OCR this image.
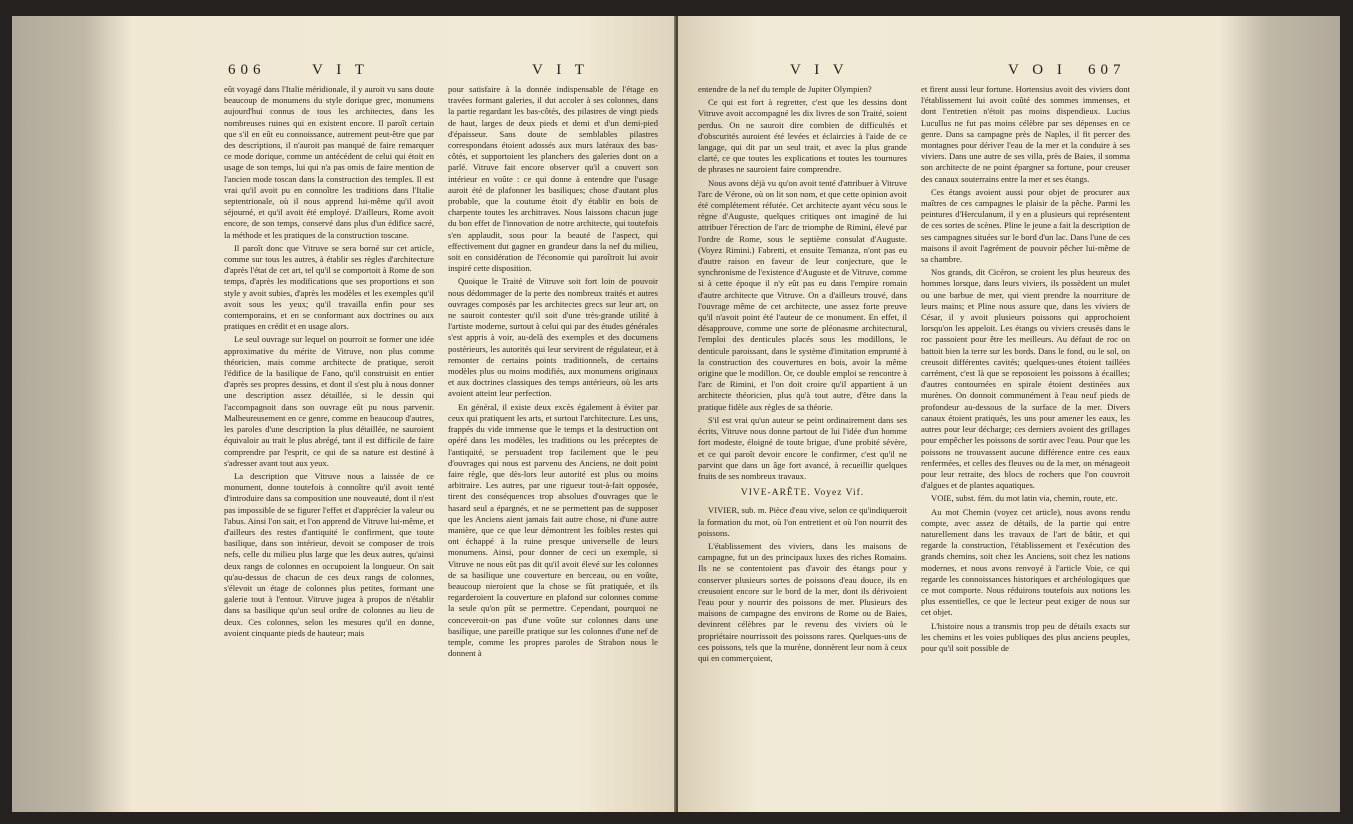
606	V I T	V I T

eût voyagé dans l'Italie méridionale, il y auroit vu sans doute beaucoup de monumens du style dorique grec, monumens aujourd'hui connus de tous les architectes, dans les nombreuses ruines qui en existent encore. Il paroît certain que s'il en eût eu connoissance, autrement peut-être que par des descriptions, il n'auroit pas manqué de faire remarquer ce mode dorique, comme un antécédent de celui qui étoit en usage de son temps, lui qui n'a pas omis de faire mention de l'ancien mode toscan dans la construction des temples. Il est vrai qu'il avoit pu en connoître les traditions dans l'Italie septentrionale, où il nous apprend lui-même qu'il avoit séjourné, et qu'il avoit été employé. D'ailleurs, Rome avoit encore, de son temps, conservé dans plus d'un édifice sacré, la méthode et les pratiques de la construction toscane.

Il paroît donc que Vitruve se sera borné sur cet article, comme sur tous les autres, à établir ses règles d'architecture d'après l'état de cet art, tel qu'il se comportoit à Rome de son temps, d'après les modifications que ses proportions et son style y avoit subies, d'après les modèles et les exemples qu'il avoit sous les yeux; qu'il travailla enfin pour ses contemporains, et en se conformant aux doctrines ou aux pratiques en crédit et en usage alors.

Le seul ouvrage sur lequel on pourroit se former une idée approximative du mérite de Vitruve, non plus comme théoricien, mais comme architecte de pratique, seroit l'édifice de la basilique de Fano, qu'il construisit en entier d'après ses propres dessins, et dont il s'est plu à nous donner une description assez détaillée, si le dessin qui l'accompagnoit dans son ouvrage eût pu nous parvenir. Malheureusement en ce genre, comme en beaucoup d'autres, les paroles d'une description la plus détaillée, ne sauroient équivaloir au trait le plus abrégé, tant il est difficile de faire comprendre par l'esprit, ce qui de sa nature est destiné à s'adresser avant tout aux yeux.

La description que Vitruve nous a laissée de ce monument, donne toutefois à connoître qu'il avoit tenté d'introduire dans sa composition une nouveauté, dont il n'est pas impossible de se figurer l'effet et d'apprécier la valeur ou l'abus. Ainsi l'on sait, et l'on apprend de Vitruve lui-même, et d'ailleurs des restes d'antiquité le confirment, que toute basilique, dans son intérieur, devoit se composer de trois nefs, celle du milieu plus large que les deux autres, qu'ainsi deux rangs de colonnes en occupoient la longueur. On sait qu'au-dessus de chacun de ces deux rangs de colonnes, s'élevoit un étage de colonnes plus petites, formant une galerie tout à l'entour. Vitruve jugea à propos de n'établir dans sa basilique qu'un seul ordre de colonnes au lieu de deux. Ces colonnes, selon les mesures qu'il en donne, avoient cinquante pieds de hauteur; mais

pour satisfaire à la donnée indispensable de l'étage en travées formant galeries, il dut accoler à ses colonnes, dans la partie regardant les bas-côtés, des pilastres de vingt pieds de haut, larges de deux pieds et demi et d'un demi-pied d'épaisseur. Sans doute de semblables pilastres correspondans étoient adossés aux murs latéraux des bas-côtés, et supportoient les planchers des galeries dont on a parlé. Vitruve fait encore observer qu'il a couvert son intérieur en voûte : ce qui donne à entendre que l'usage auroit été de plafonner les basiliques; chose d'autant plus probable, que la coutume étoit d'y établir en bois de charpente toutes les architraves. Nous laissons chacun juge du bon effet de l'innovation de notre architecte, qui toutefois s'en applaudit, sous pour la beauté de l'aspect, qui effectivement dut gagner en grandeur dans la nef du milieu, soit en considération de l'économie qui paroîtroit lui avoir inspiré cette disposition.

Quoique le Traité de Vitruve soit fort loin de pouvoir nous dédommager de la perte des nombreux traités et autres ouvrages composés par les architectes grecs sur leur art, on ne sauroit contester qu'il soit d'une très-grande utilité à l'artiste moderne, surtout à celui qui par des études générales s'est appris à voir, au-delà des exemples et des documens postérieurs, les autorités qui leur servirent de régulateur, et à remonter de certains points traditionnels, de certains modèles plus ou moins modifiés, aux monumens originaux et aux doctrines classiques des temps antérieurs, où les arts avoient atteint leur perfection.

En général, il existe deux excès également à éviter par ceux qui pratiquent les arts, et surtout l'architecture. Les uns, frappés du vide immense que le temps et la destruction ont opéré dans les modèles, les traditions ou les préceptes de l'antiquité, se persuadent trop facilement que le peu d'ouvrages qui nous est parvenu des Anciens, ne doit point faire règle, que dès-lors leur autorité est plus ou moins arbitraire. Les autres, par une rigueur tout-à-fait opposée, tirent des conséquences trop absolues d'ouvrages que le hasard seul a épargnés, et ne se permettent pas de supposer que les Anciens aient jamais fait autre chose, ni d'une autre manière, que ce que leur démontrent les foibles restes qui ont échappé à la ruine presque universelle de leurs monumens. Ainsi, pour donner de ceci un exemple, si Vitruve ne nous eût pas dit qu'il avoit élevé sur les colonnes de sa basilique une couverture en berceau, ou en voûte, beaucoup nieroient que la chose se fût pratiquée, et ils regarderoient la couverture en plafond sur colonnes comme la seule qu'on pût se permettre. Cependant, pourquoi ne conceveroit-on pas d'une voûte sur colonnes dans une basilique, une pareille pratique sur les colonnes d'une nef de temple, comme les propres paroles de Strabon nous le donnent à

V I V	V O I 607

entendre de la nef du temple de Jupiter Olympien?

Ce qui est fort à regretter, c'est que les dessins dont Vitruve avoit accompagné les dix livres de son Traité, soient perdus. On ne sauroit dire combien de difficultés et d'obscurités auroient été levées et éclaircies à l'aide de ce langage, qui dit par un seul trait, et avec la plus grande clarté, ce que toutes les explications et toutes les tournures de phrases ne sauroient faire comprendre.

Nous avons déjà vu qu'on avoit tenté d'attribuer à Vitruve l'arc de Vérone, où on lit son nom, et que cette opinion avoit été complétement réfutée. Cet architecte ayant vécu sous le règne d'Auguste, quelques critiques ont imaginé de lui attribuer l'érection de l'arc de triomphe de Rimini, élevé par l'ordre de Rome, sous le septième consulat d'Auguste. (Voyez Rimini.) Fabretti, et ensuite Temanza, n'ont pas eu d'autre raison en faveur de leur conjecture, que le synchronisme de l'existence d'Auguste et de Vitruve, comme si à cette époque il n'y eût pas eu dans l'empire romain d'autre architecte que Vitruve. On a d'ailleurs trouvé, dans l'ouvrage même de cet architecte, une assez forte preuve qu'il n'avoit point été l'auteur de ce monument. En effet, il désapprouve, comme une sorte de pléonasme architectural, l'emploi des denticules placés sous les modillons, le denticule paroissant, dans le système d'imitation emprunté à la construction des couvertures en bois, avoir la même origine que le modillon. Or, ce double emploi se rencontre à l'arc de Rimini, et l'on doit croire qu'il appartient à un architecte théoricien, plus qu'à tout autre, d'être dans la pratique fidèle aux règles de sa théorie.

S'il est vrai qu'un auteur se peint ordinairement dans ses écrits, Vitruve nous donne partout de lui l'idée d'un homme fort modeste, éloigné de toute brigue, d'une probité sévère, et ce qui paroît devoir encore le confirmer, c'est qu'il ne parvint que dans un âge fort avancé, à recueillir quelques fruits de ses nombreux travaux.

VIVE-ARÊTE. Voyez Vif.

VIVIER, sub. m. Pièce d'eau vive, selon ce qu'indiqueroit la formation du mot, où l'on entretient et où l'on nourrit des poissons.

L'établissement des viviers, dans les maisons de campagne, fut un des principaux luxes des riches Romains. Ils ne se contentoient pas d'avoir des étangs pour y conserver plusieurs sortes de poissons d'eau douce, ils en creusoient encore sur le bord de la mer, dont ils dérivoient l'eau pour y nourrir des poissons de mer. Plusieurs des maisons de campagne des environs de Rome ou de Baies, devinrent célèbres par le revenu des viviers où le propriétaire nourrissoit des poissons rares. Quelques-uns de ces poissons, tels que la murène, donnèrent leur nom à ceux qui en commerçoient,

et firent aussi leur fortune. Hortensius avoit des viviers dont l'établissement lui avoit coûté des sommes immenses, et dont l'entretien n'étoit pas moins dispendieux. Lucius Lucullus ne fut pas moins célèbre par ses dépenses en ce genre. Dans sa campagne près de Naples, il fit percer des montagnes pour dériver l'eau de la mer et la conduire à ses viviers. Dans une autre de ses villa, près de Baies, il somma son architecte de ne point épargner sa fortune, pour creuser des canaux souterrains entre la mer et ses étangs.

Ces étangs avoient aussi pour objet de procurer aux maîtres de ces campagnes le plaisir de la pêche. Parmi les peintures d'Herculanum, il y en a plusieurs qui représentent de ces sortes de scènes. Pline le jeune a fait la description de ses campagnes situées sur le bord d'un lac. Dans l'une de ces maisons il avoit l'agrément de pouvoir pêcher lui-même de sa chambre.

Nos grands, dit Cicéron, se croient les plus heureux des hommes lorsque, dans leurs viviers, ils possèdent un mulet ou une barbue de mer, qui vient prendre la nourriture de leurs mains; et Pline nous assure que, dans les viviers de César, il y avoit plusieurs poissons qui approchoient lorsqu'on les appeloit. Les étangs ou viviers creusés dans le roc passoient pour être les meilleurs. Au défaut de roc on battoit bien la terre sur les bords. Dans le fond, ou le sol, on creusoit différentes cavités; quelques-unes étoient taillées carrément, c'est là que se reposoient les poissons à écailles; d'autres contournées en spirale étoient destinées aux murènes. On donnoit communément à l'eau neuf pieds de profondeur au-dessous de la surface de la mer. Divers canaux étoient pratiqués, les uns pour amener les eaux, les autres pour leur décharge; ces derniers avoient des grillages pour empêcher les poissons de sortir avec l'eau. Pour que les poissons ne trouvassent aucune différence entre ces eaux renfermées, et celles des fleuves ou de la mer, on ménageoit pour leur retraite, des blocs de rochers que l'on couvroit d'algues et de plantes aquatiques.

VOIE, subst. fém. du mot latin via, chemin, route, etc.

Au mot Chemin (voyez cet article), nous avons rendu compte, avec assez de détails, de la partie qui entre naturellement dans les travaux de l'art de bâtir, et qui regarde la construction, l'établissement et l'exécution des grands chemins, soit chez les Anciens, soit chez les nations modernes, et nous avons renvoyé à l'article Voie, ce qui regarde les connoissances historiques et archéologiques que ce mot comporte. Nous réduirons toutefois aux notions les plus essentielles, ce que le lecteur peut exiger de nous sur cet objet.

L'histoire nous a transmis trop peu de détails exacts sur les chemins et les voies publiques des plus anciens peuples, pour qu'il soit possible de
